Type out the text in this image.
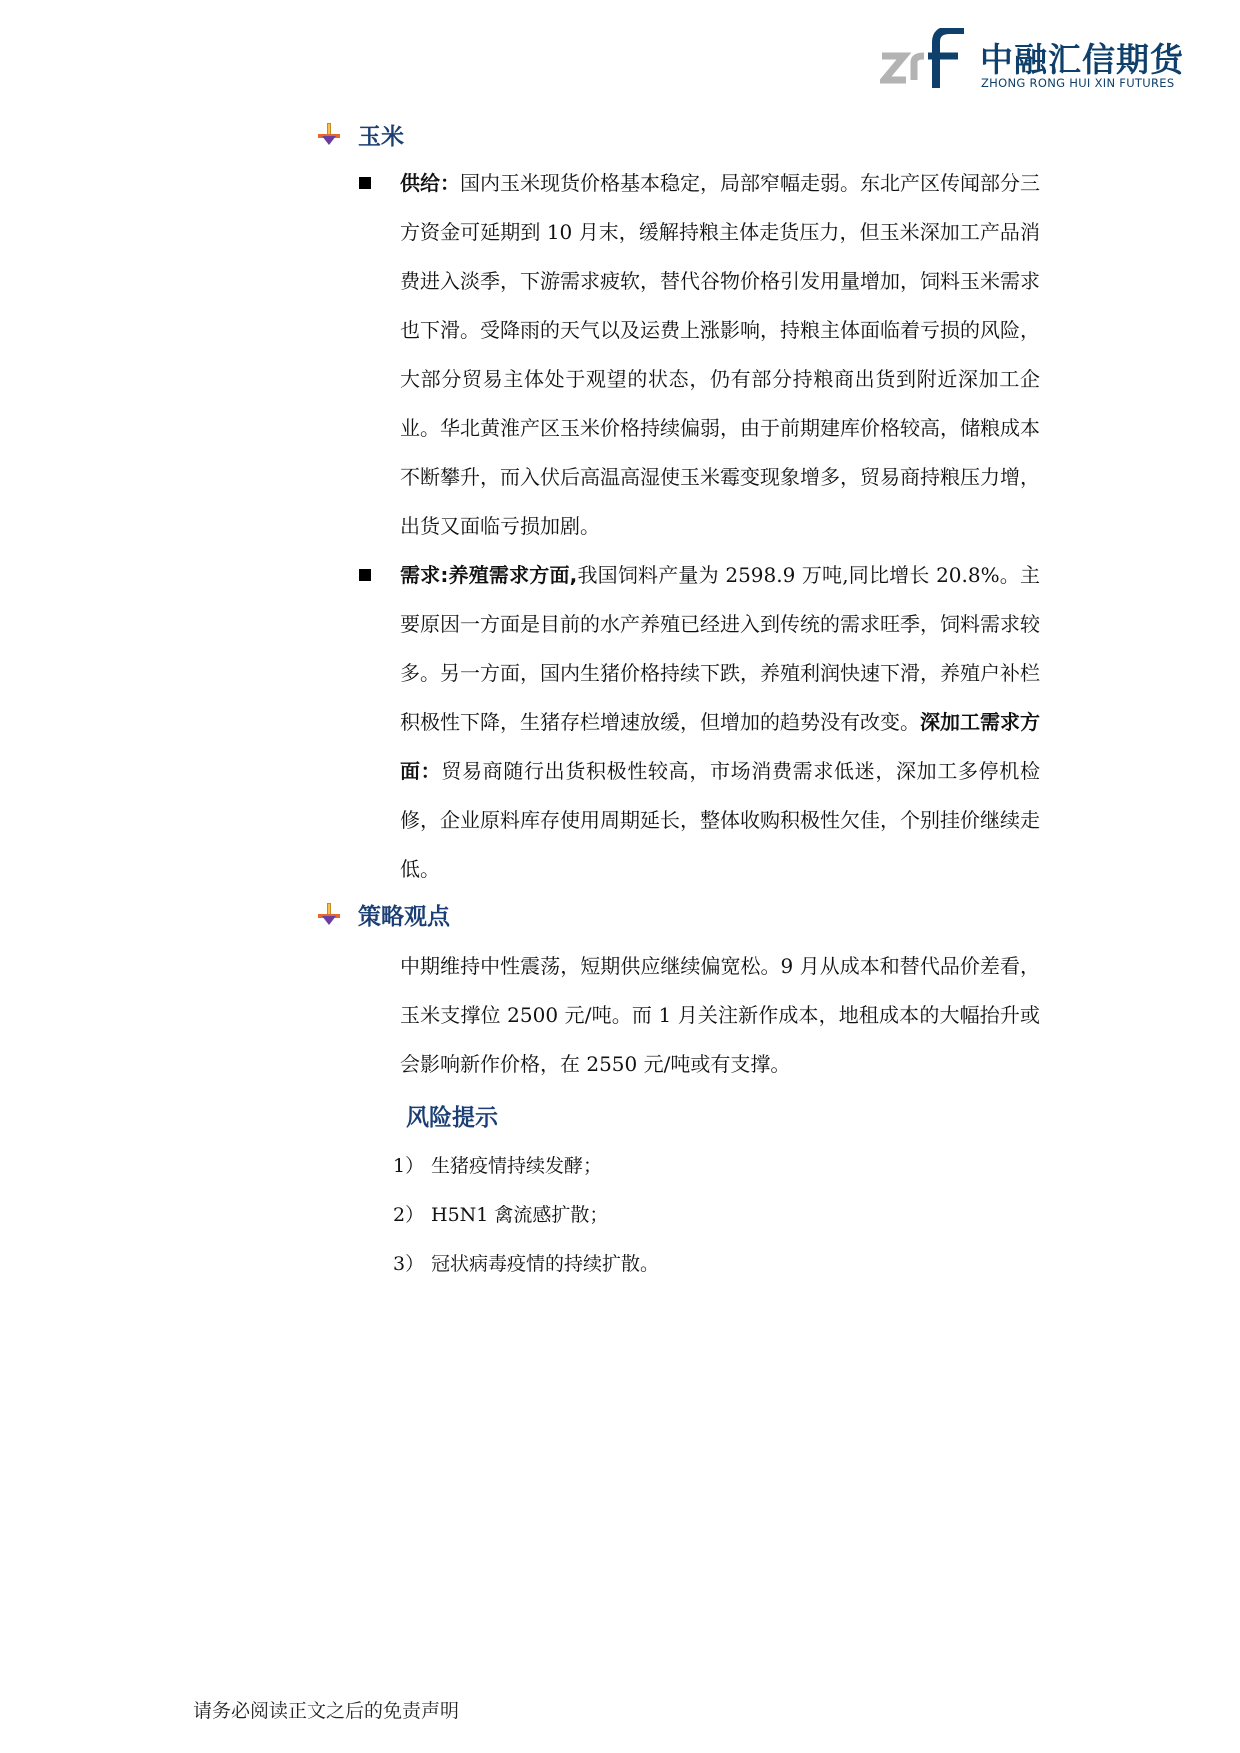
中融汇信期货
ZHONG RONG HUI XIN FUTURES
玉米

供给：国内玉米现货价格基本稳定，局部窄幅走弱。东北产区传闻部分三方资金可延期到 10 月末，缓解持粮主体走货压力，但玉米深加工产品消费进入淡季，下游需求疲软，替代谷物价格引发用量增加，饲料玉米需求也下滑。受降雨的天气以及运费上涨影响，持粮主体面临着亏损的风险，大部分贸易主体处于观望的状态，仍有部分持粮商出货到附近深加工企业。华北黄淮产区玉米价格持续偏弱，由于前期建库价格较高，储粮成本不断攀升，而入伏后高温高湿使玉米霉变现象增多，贸易商持粮压力增，出货又面临亏损加剧。

需求:养殖需求方面,我国饲料产量为 2598.9 万吨,同比增长 20.8%。主要原因一方面是目前的水产养殖已经进入到传统的需求旺季，饲料需求较多。另一方面，国内生猪价格持续下跌，养殖利润快速下滑，养殖户补栏积极性下降，生猪存栏增速放缓，但增加的趋势没有改变。深加工需求方面：贸易商随行出货积极性较高，市场消费需求低迷，深加工多停机检修，企业原料库存使用周期延长，整体收购积极性欠佳，个别挂价继续走低。

策略观点

中期维持中性震荡，短期供应继续偏宽松。9 月从成本和替代品价差看，玉米支撑位 2500 元/吨。而 1 月关注新作成本，地租成本的大幅抬升或会影响新作价格，在 2550 元/吨或有支撑。

风险提示
1） 生猪疫情持续发酵；
2） H5N1 禽流感扩散；
3） 冠状病毒疫情的持续扩散。
请务必阅读正文之后的免责声明
